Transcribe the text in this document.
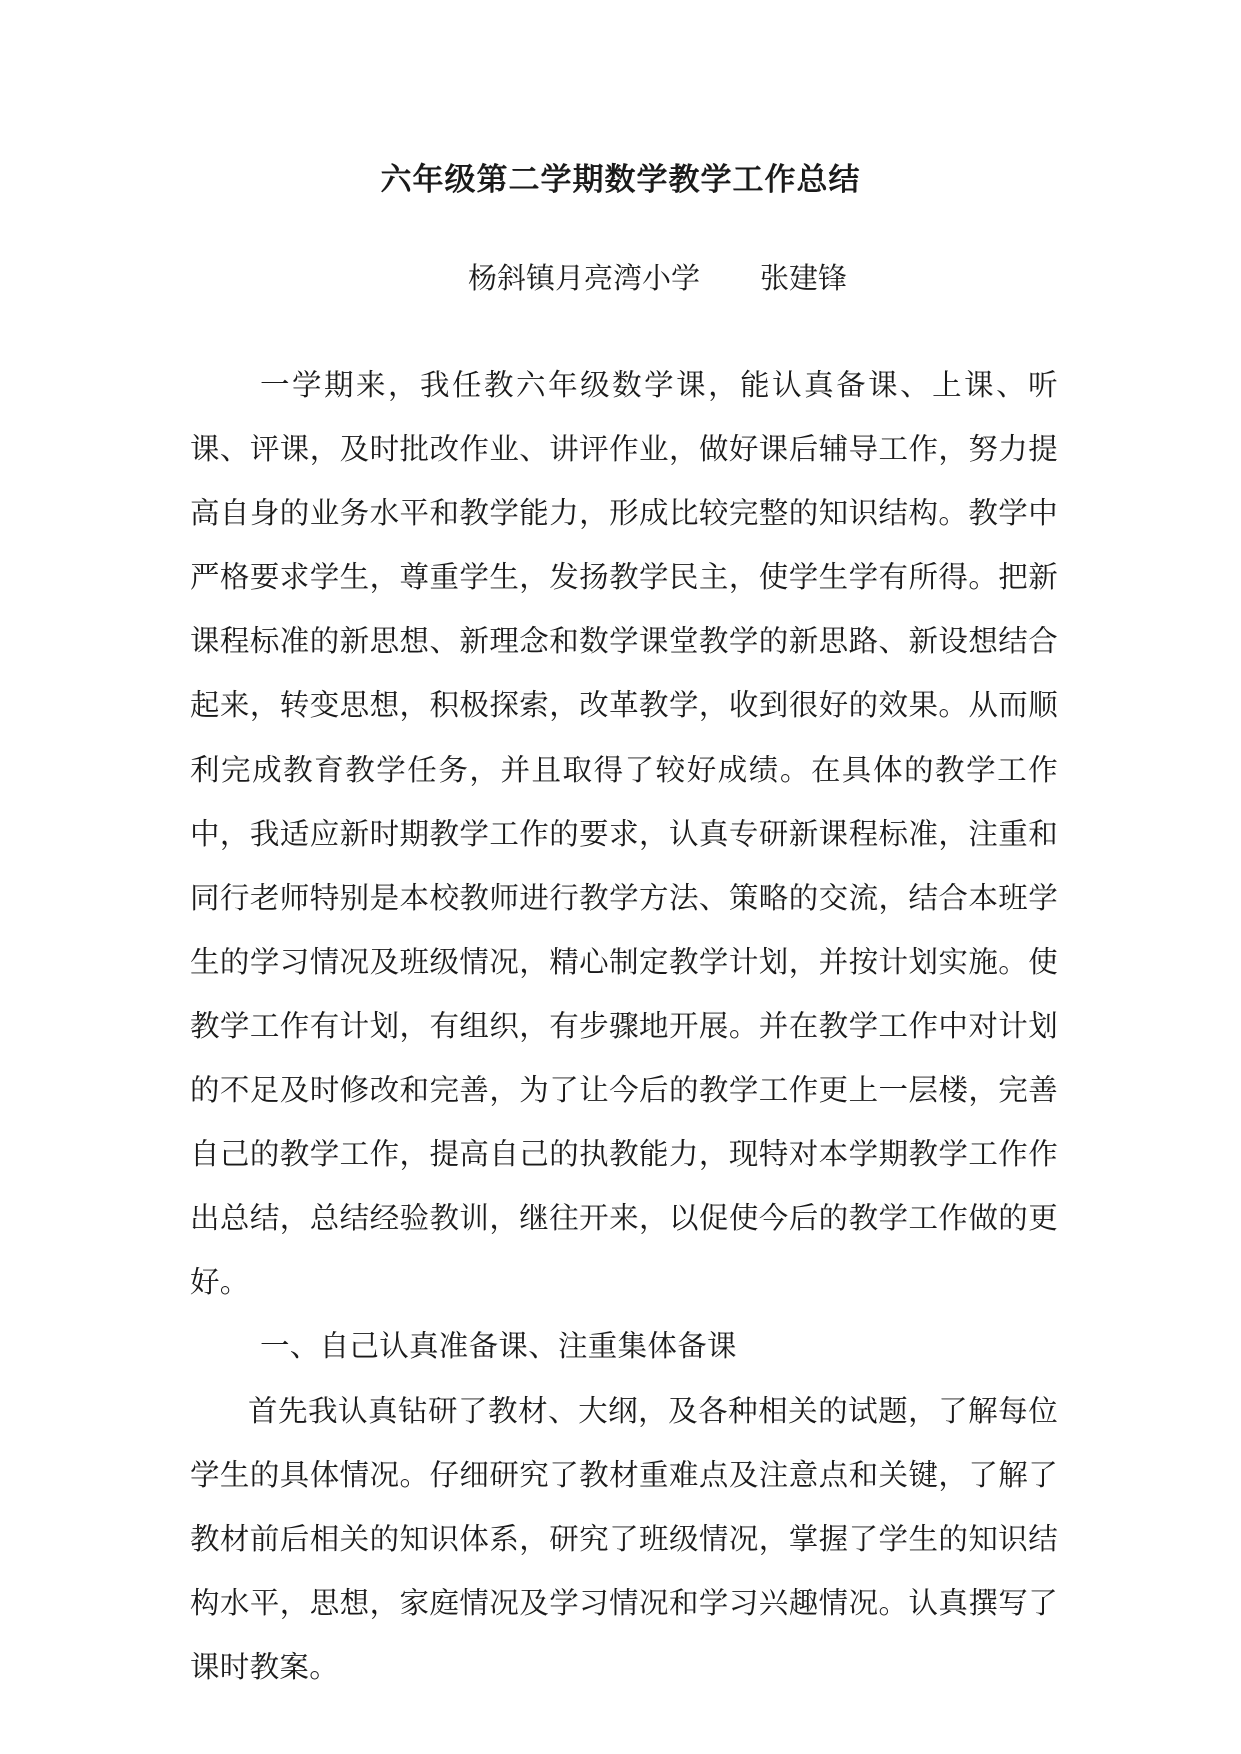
六年级第二学期数学教学工作总结
杨斜镇月亮湾小学 张建锋

一学期来，我任教六年级数学课，能认真备课、上课、听课、评课，及时批改作业、讲评作业，做好课后辅导工作，努力提高自身的业务水平和教学能力，形成比较完整的知识结构。教学中严格要求学生，尊重学生，发扬教学民主，使学生学有所得。把新课程标准的新思想、新理念和数学课堂教学的新思路、新设想结合起来，转变思想，积极探索，改革教学，收到很好的效果。从而顺利完成教育教学任务，并且取得了较好成绩。在具体的教学工作中，我适应新时期教学工作的要求，认真专研新课程标准，注重和同行老师特别是本校教师进行教学方法、策略的交流，结合本班学生的学习情况及班级情况，精心制定教学计划，并按计划实施。使教学工作有计划，有组织，有步骤地开展。并在教学工作中对计划的不足及时修改和完善，为了让今后的教学工作更上一层楼，完善自己的教学工作，提高自己的执教能力，现特对本学期教学工作作出总结，总结经验教训，继往开来，以促使今后的教学工作做的更好。

一、自己认真准备课、注重集体备课

首先我认真钻研了教材、大纲，及各种相关的试题，了解每位学生的具体情况。仔细研究了教材重难点及注意点和关键，了解了教材前后相关的知识体系，研究了班级情况，掌握了学生的知识结构水平，思想，家庭情况及学习情况和学习兴趣情况。认真撰写了课时教案。
